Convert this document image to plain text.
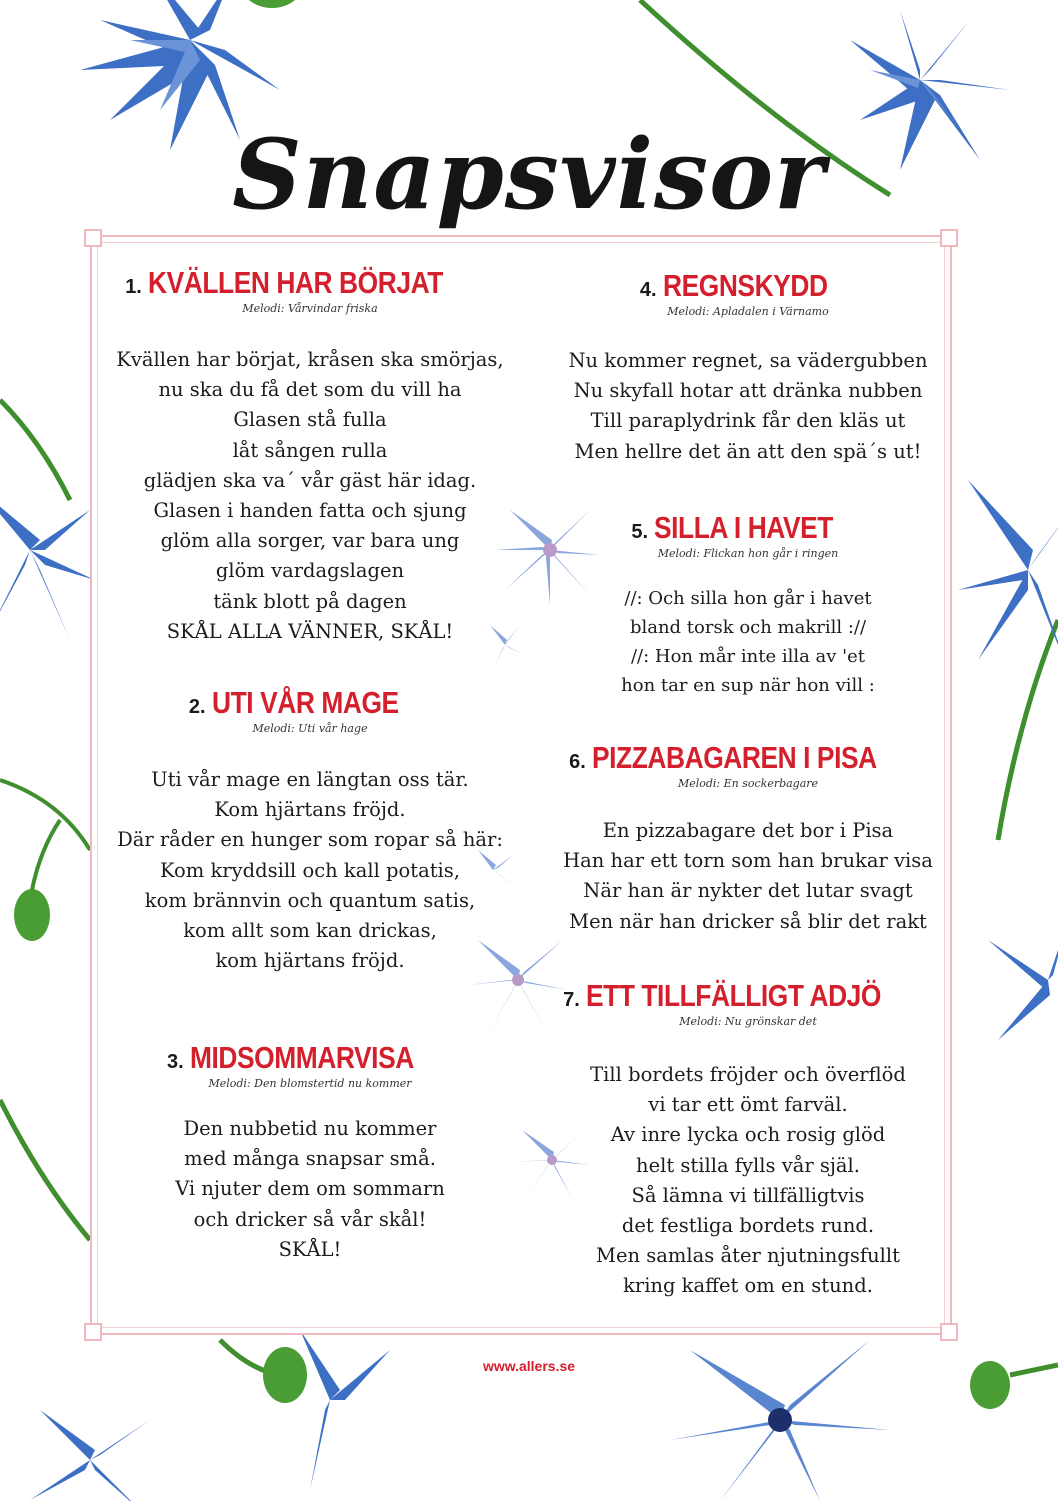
Snapsvisor
1. KVÄLLEN HAR BÖRJAT
Melodi: Vårvindar friska
Kvällen har börjat, kråsen ska smörjas,
nu ska du få det som du vill ha
Glasen stå fulla
låt sången rulla
glädjen ska va´ vår gäst här idag.
Glasen i handen fatta och sjung
glöm alla sorger, var bara ung
glöm vardagslagen
tänk blott på dagen
SKÅL ALLA VÄNNER, SKÅL!
2. UTI VÅR MAGE
Melodi: Uti vår hage
Uti vår mage en längtan oss tär.
Kom hjärtans fröjd.
Där råder en hunger som ropar så här:
Kom kryddsill och kall potatis,
kom brännvin och quantum satis,
kom allt som kan drickas,
kom hjärtans fröjd.
3. MIDSOMMARVISA
Melodi: Den blomstertid nu kommer
Den nubbetid nu kommer
med många snapsar små.
Vi njuter dem om sommarn
och dricker så vår skål!
SKÅL!
4. REGNSKYDD
Melodi: Apladalen i Värnamo
Nu kommer regnet, sa vädergubben
Nu skyfall hotar att dränka nubben
Till paraplydrink får den kläs ut
Men hellre det än att den spä´s ut!
5. SILLA I HAVET
Melodi: Flickan hon går i ringen
//: Och silla hon går i havet
bland torsk och makrill ://
//: Hon mår inte illa av 'et
hon tar en sup när hon vill :
6. PIZZABAGAREN I PISA
Melodi: En sockerbagare
En pizzabagare det bor i Pisa
Han har ett torn som han brukar visa
När han är nykter det lutar svagt
Men när han dricker så blir det rakt
7. ETT TILLFÄLLIGT ADJÖ
Melodi: Nu grönskar det
Till bordets fröjder och överflöd
vi tar ett ömt farväl.
Av inre lycka och rosig glöd
helt stilla fylls vår själ.
Så lämna vi tillfälligtvis
det festliga bordets rund.
Men samlas åter njutningsfullt
kring kaffet om en stund.
www.allers.se
